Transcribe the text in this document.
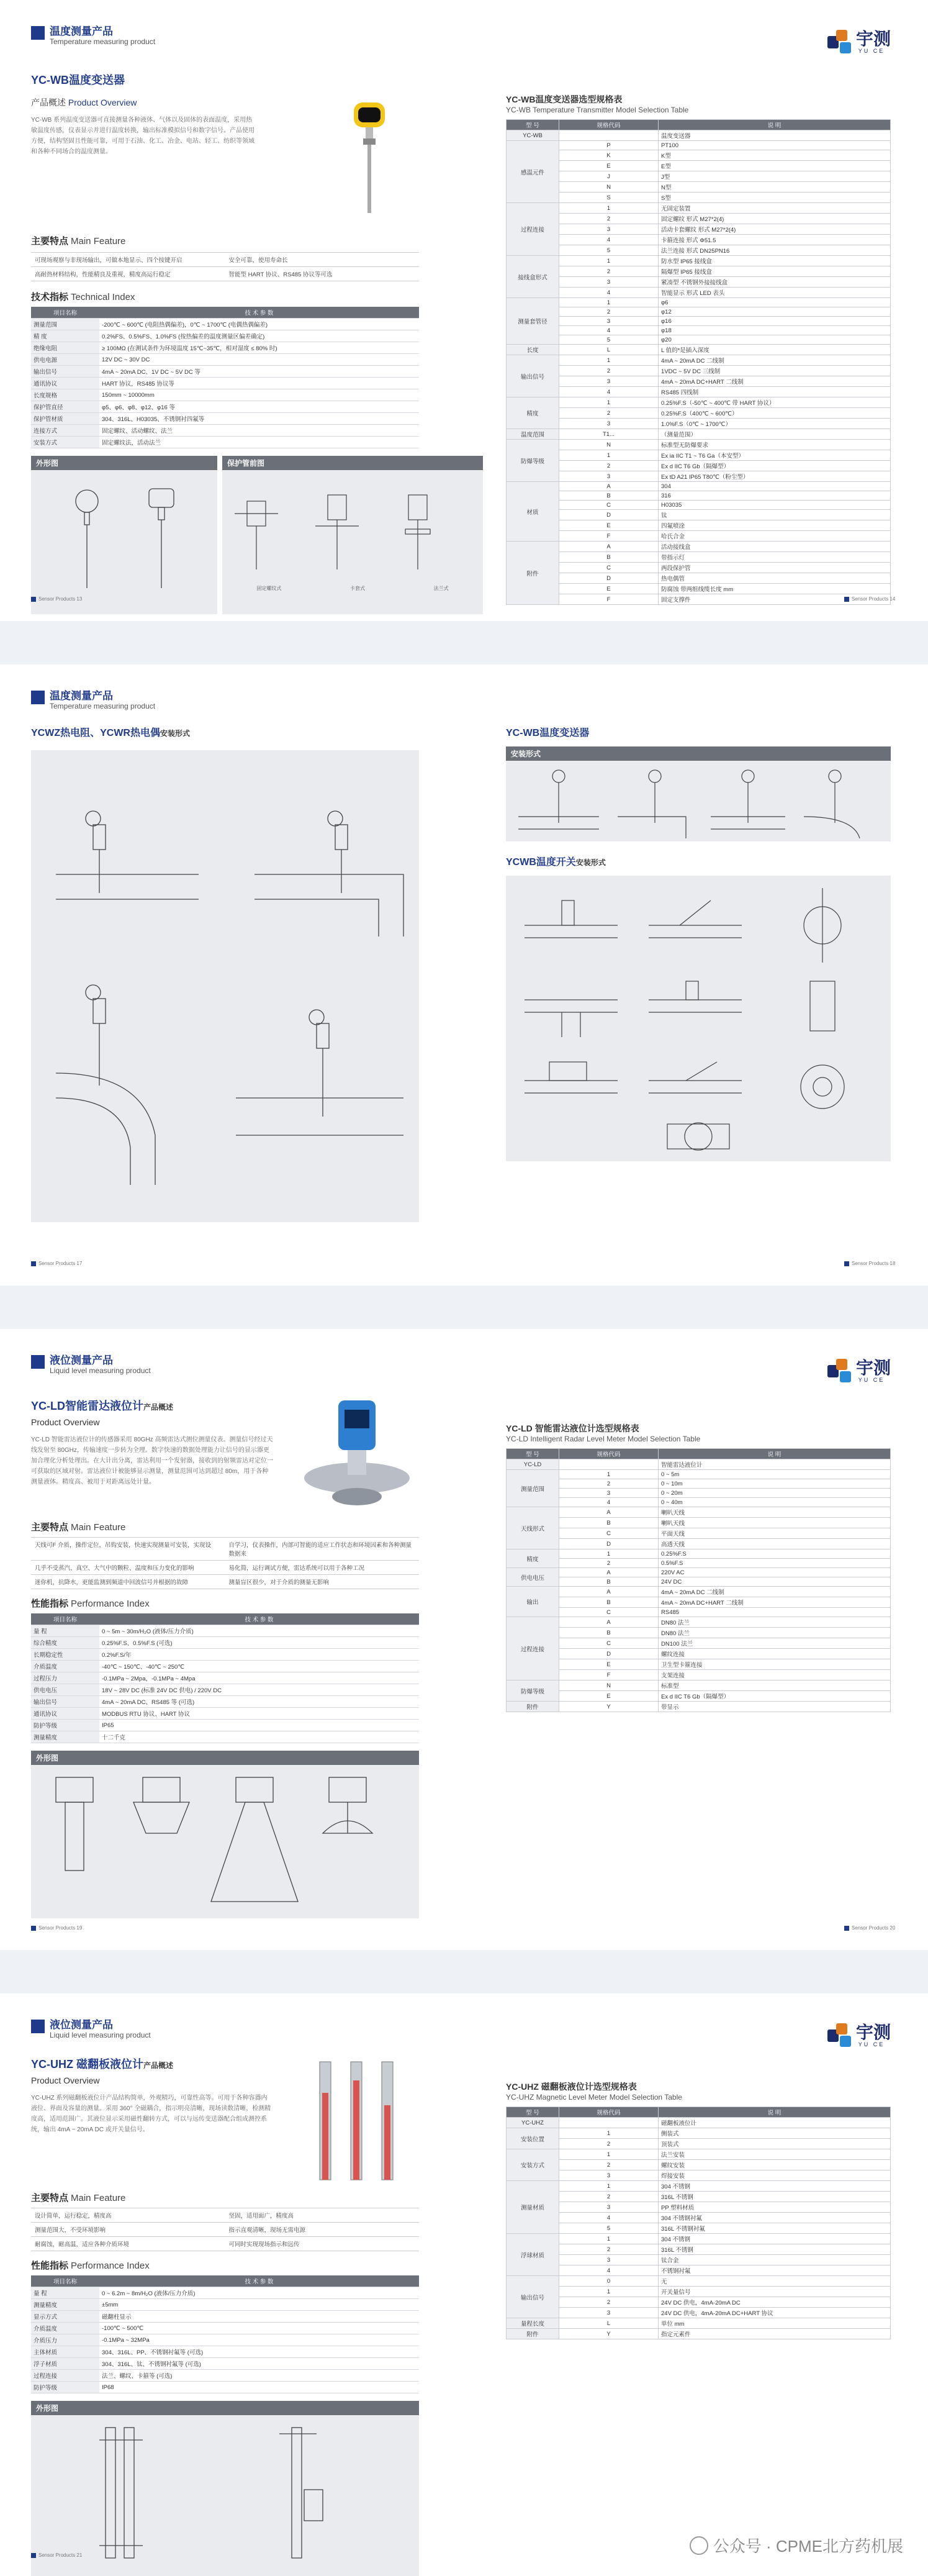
温度测量产品
Temperature measuring product	宇测
YU CE
YC-WB温度变送器
产品概述 Product Overview

YC-WB 系列温度变送器可直接测量各种液体、气体以及固体的表面温度，采用热敏温度传感，仪表显示并进行温度转换，输出标准模拟信号和数字信号。产品使用方便，结构坚固且性能可靠，可用于石油、化工、冶金、电站、轻工、纺织等领域和各种不同场合的温度测量。

主要特点 Main Feature
可现场观察与非现场输出，可做本地显示、四个按键开启	安全可靠，使用寿命长
高耐热材料结构，性能精良及重视，精度高运行稳定	智能型 HART 协议、RS485 协议等可选
技术指标 Technical Index
项目名称	技 术 参 数
测量范围	-200℃ ~ 600℃ (电阻热偶偏差)，0℃ ~ 1700℃ (电偶热偶偏差)
精 度	0.2%FS、0.5%FS、1.0%FS (按热偏差的温度测量区偏差确定)
绝缘电阻	≥ 100MΩ (在测试条件为环境温度 15℃~35℃，相对湿度 ≤ 80% 时)
供电电源	12V DC ~ 30V DC
输出信号	4mA ~ 20mA DC、1V DC ~ 5V DC 等
通讯协议	HART 协议，RS485 协议等
长度规格	150mm ~ 10000mm
保护管直径	φ5、φ6、φ8、φ12、φ16 等
保护管材质	304、316L、H03035、不锈钢衬四氟等
连接方式	固定螺纹、活动螺纹、法兰
安装方式	固定螺纹法，活动法兰
外形图	保护管前图
固定螺纹式	卡套式	法兰式
Sensor Products 13
YC-WB温度变送器选型规格表
YC-WB Temperature Transmitter Model Selection Table
型 号	规格代码	说 明
YC-WB		温度变送器
感温元件	P	PT100
	K	K型
	E	E型
	J	J型
	N	N型
	S	S型
过程连接	1	无固定装置
	2	固定螺纹 形式 M27*2(4)
	3	活动卡套螺纹 形式 M27*2(4)
	4	卡箍连接 形式 Φ51.5
	5	法兰连接 形式 DN25PN16
接线盒形式	1	防水型 IP65 接线盒
	2	隔爆型 IP65 接线盒
	3	紧凑型 不锈钢外接接线盒
	4	智能显示 形式 LED 表头
测量套管径	1	φ6
	2	φ12
	3	φ16
	4	φ18
	5	φ20
长度	L	L 值的*是插入深度
输出信号	1	4mA ~ 20mA DC 二线制
	2	1VDC ~ 5V DC 三线制
	3	4mA ~ 20mA DC+HART 二线制
	4	RS485 四线制
精度	1	0.25%F.S（-50℃ ~ 400℃ 带 HART 协议）
	2	0.25%F.S（400℃ ~ 600℃）
	3	1.0%F.S（0℃ ~ 1700℃）
温度范围	T1...	（测量范围）
防爆等级	N	标准型无防爆要求
	1	Ex ia IIC T1 ~ T6 Ga（本安型）
	2	Ex d IIC T6 Gb（隔爆型）
	3	Ex tD A21 IP65 T80℃（粉尘型）
材质	A	304
	B	316
	C	H03035
	D	钛
	E	四氟喷涂
	F	哈氏合金
附件	A	活动接线盒
	B	带指示灯
	C	两段保护管
	D	热电偶管
	E	防腐蚀 带两组线缆长度 mm
	F	固定支撑件	Sensor Products 14
温度测量产品
Temperature measuring product
YCWZ热电阻、YCWR热电偶安装形式
Sensor Products 17
YC-WB温度变送器
安装形式
YCWB温度开关安装形式
Sensor Products 18
液位测量产品
Liquid level measuring product	宇测
YU CE
YC-LD智能雷达液位计产品概述
Product Overview

YC-LD 智能雷达液位计的传感器采用 80GHz 高频雷达式测位测量仪表。测量信号经过天线发射至 80GHz，传输速度一步转为全理。数字快速的数据处理能力让信号的显示器更加合理化分析处理出。在大计出分离，雷达利用一个发射器，接收到的射频雷达对定位一可获取的区域对射。雷达液位计被能够显示测量，测量范围可达到超过 80m，用于各种测量液体。精度高、被用于对距离远处计量。

主要特点 Main Feature
天线可F 介质，操作定位，吊钩安装，快速实现测量可安装，实现设	自学习，仪表操作，内部可智能的适应工作状态和环境因素和各种测量数据来
几乎不受蒸汽、真空、大气中的颗粒、温度和压力变化的影响	易化简，运行调试方便，雷达系统可以用于各种工况
迷你机，抗降水，更能监测到频道中回波信号并根据的故障	测量盲区很少，对于介质的测量无影响
性能指标 Performance Index
项目名称	技 术 参 数
量 程	0 ~ 5m ~ 30m/H₂O (液体/压力介质)
综合精度	0.25%F.S、0.5%F.S (可选)
长期稳定性	0.2%F.S/年
介质温度	-40℃ ~ 150℃、-40℃ ~ 250℃
过程压力	-0.1MPa ~ 2Mpa，-0.1MPa ~ 4Mpa
供电电压	18V ~ 28V DC (标准 24V DC 供电) / 220V DC
输出信号	4mA ~ 20mA DC、RS485 等 (可选)
通讯协议	MODBUS RTU 协议、HART 协议
防护等级	IP65
测量精度	十二千克
外形图
Sensor Products 19
YC-LD 智能雷达液位计选型规格表
YC-LD Intelligent Radar Level Meter Model Selection Table
型 号	规格代码	说 明
YC-LD		智能雷达液位计
测量范围	1	0 ~ 5m
	2	0 ~ 10m
	3	0 ~ 20m
	4	0 ~ 40m
天线形式	A	喇叭天线
	B	喇叭天线
	C	平面天线
	D	高透天线
精度	1	0.25%F.S
	2	0.5%F.S
供电电压	A	220V AC
	B	24V DC
输出	A	4mA ~ 20mA DC 二线制
	B	4mA ~ 20mA DC+HART 二线制
	C	RS485
过程连接	A	DN80 法兰
	B	DN80 法兰
	C	DN100 法兰
	D	螺纹连接
	E	卫生型卡箍连接
	F	支架连接
防爆等级	N	标准型
	E	Ex d IIC T6 Gb（隔爆型）
附件	Y	带显示
Sensor Products 20
液位测量产品
Liquid level measuring product	宇测
YU CE
YC-UHZ 磁翻板液位计产品概述
Product Overview

YC-UHZ 系列磁翻板液位计产品结构简单，外观精巧，可靠性高等。可用于各种容器内液位、界面及容量的测量。采用 360° 全磁耦合，指示明亮清晰，现场读数清晰，检测精度高，适用范围广。其液位显示采用磁性翻转方式，可以与远传变送器配合组成测控系统，输出 4mA ~ 20mA DC 或开关量信号。

主要特点 Main Feature
设计简单，运行稳定，精度高	坚固，适用面广，精度高
测量范围大，不受环境影响	指示直观清晰，现场无需电源
耐腐蚀，耐高温，适应各种介质环境	可同时实现现场指示和远传
性能指标 Performance Index
项目名称	技 术 参 数
量 程	0 ~ 6.2m ~ 8m/H₂O (液体/压力介质)
测量精度	±5mm
显示方式	磁翻柱显示
介质温度	-100℃ ~ 500℃
介质压力	-0.1MPa ~ 32MPa
主体材质	304、316L、PP、不锈钢衬氟等 (可选)
浮子材质	304、316L、钛、不锈钢衬氟等 (可选)
过程连接	法兰、螺纹、卡箍等 (可选)
防护等级	IP68
外形图
Sensor Products 21
YC-UHZ 磁翻板液位计选型规格表
YC-UHZ Magnetic Level Meter Model Selection Table
型 号	规格代码	说 明
YC-UHZ		磁翻板液位计
安装位置	1	侧装式
	2	顶装式
安装方式	1	法兰安装
	2	螺纹安装
	3	焊接安装
测量材质	1	304 不锈钢
	2	316L 不锈钢
	3	PP 塑料材质
	4	304 不锈钢衬氟
	5	316L 不锈钢衬氟
浮球材质	1	304 不锈钢
	2	316L 不锈钢
	3	钛合金
	4	不锈钢衬氟
输出信号	0	无
	1	开关量信号
	2	24V DC 供电，4mA-20mA DC
	3	24V DC 供电，4mA-20mA DC+HART 协议
量程长度	L	单位 mm
附件	Y	指定元素件
公众号 · CPME北方药机展
